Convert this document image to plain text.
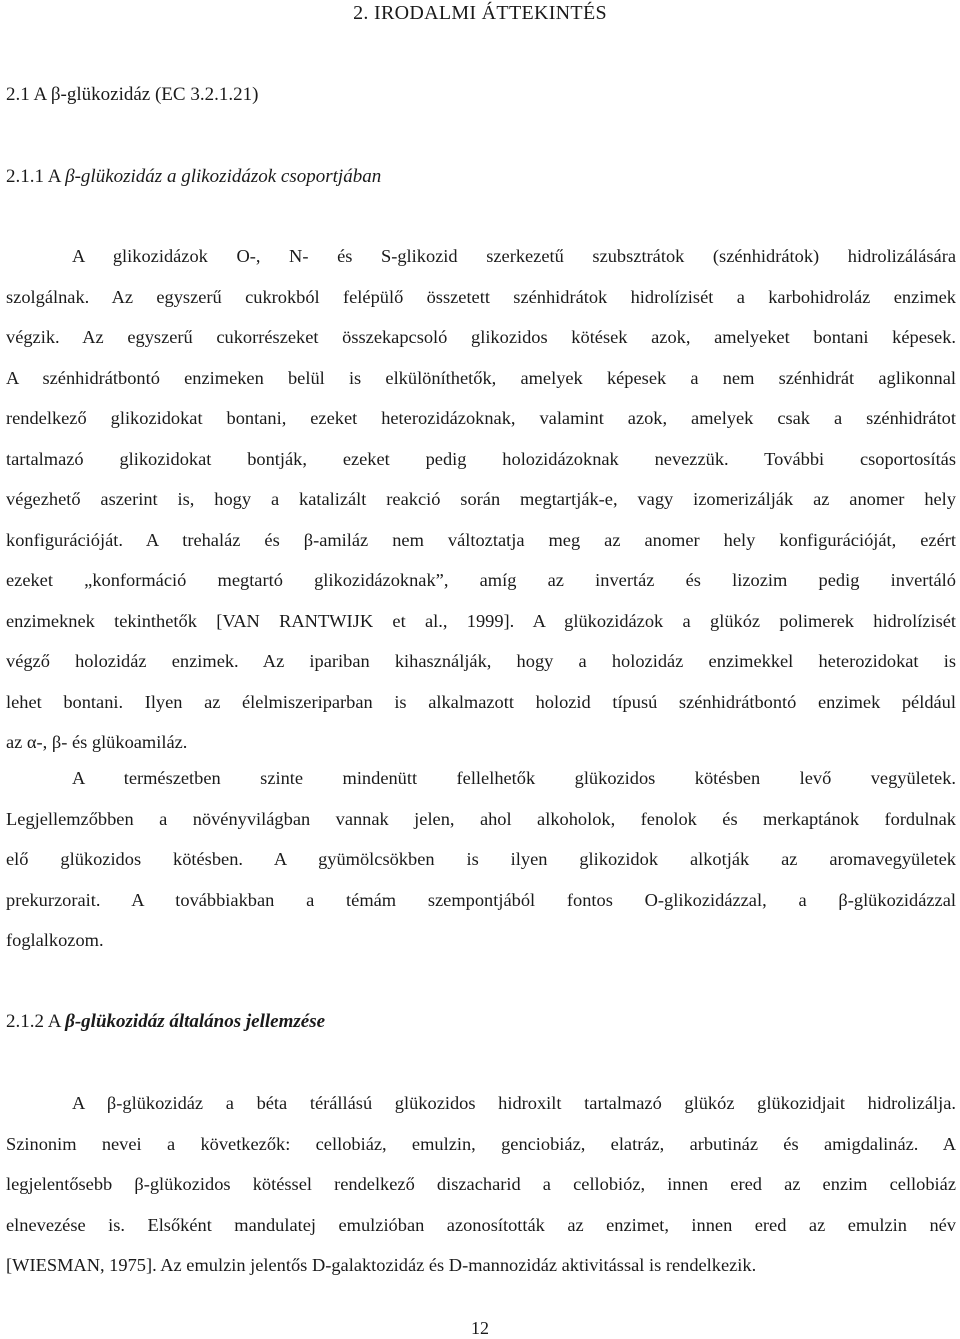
2. IRODALMI ÁTTEKINTÉS
2.1 A β-glükozidáz (EC 3.2.1.21)
2.1.1 A β-glükozidáz a glikozidázok csoportjában
A glikozidázok O-, N- és S-glikozid szerkezetű szubsztrátok (szénhidrátok) hidrolizálására
szolgálnak. Az egyszerű cukrokból felépülő összetett szénhidrátok hidrolízisét a karbohidroláz enzimek
végzik. Az egyszerű cukorrészeket összekapcsoló glikozidos kötések azok, amelyeket bontani képesek.
A szénhidrátbontó enzimeken belül is elkülöníthetők, amelyek képesek a nem szénhidrát aglikonnal
rendelkező glikozidokat bontani, ezeket heterozidázoknak, valamint azok, amelyek csak a szénhidrátot
tartalmazó glikozidokat bontják, ezeket pedig holozidázoknak nevezzük. További csoportosítás
végezhető aszerint is, hogy a katalizált reakció során megtartják-e, vagy izomerizálják az anomer hely
konfigurációját. A trehaláz és β-amiláz nem változtatja meg az anomer hely konfigurációját, ezért
ezeket „konformáció megtartó glikozidázoknak”, amíg az invertáz és lizozim pedig invertáló
enzimeknek tekinthetők [VAN RANTWIJK et al., 1999]. A glükozidázok a glükóz polimerek hidrolízisét
végző holozidáz enzimek. Az ipariban kihasználják, hogy a holozidáz enzimekkel heterozidokat is
lehet bontani. Ilyen az élelmiszeriparban is alkalmazott holozid típusú szénhidrátbontó enzimek például
az α-, β- és glükoamiláz.
A természetben szinte mindenütt fellelhetők glükozidos kötésben levő vegyületek.
Legjellemzőbben a növényvilágban vannak jelen, ahol alkoholok, fenolok és merkaptánok fordulnak
elő glükozidos kötésben. A gyümölcsökben is ilyen glikozidok alkotják az aromavegyületek
prekurzorait. A továbbiakban a témám szempontjából fontos O-glikozidázzal, a β-glükozidázzal
foglalkozom.
2.1.2 A β-glükozidáz általános jellemzése
A β-glükozidáz a béta térállású glükozidos hidroxilt tartalmazó glükóz glükozidjait hidrolizálja.
Szinonim nevei a következők: cellobiáz, emulzin, genciobiáz, elatráz, arbutináz és amigdalináz. A
legjelentősebb β-glükozidos kötéssel rendelkező diszacharid a cellobióz, innen ered az enzim cellobiáz
elnevezése is. Elsőként mandulatej emulzióban azonosították az enzimet, innen ered az emulzin név
[WIESMAN, 1975]. Az emulzin jelentős D-galaktozidáz és D-mannozidáz aktivitással is rendelkezik.
12
